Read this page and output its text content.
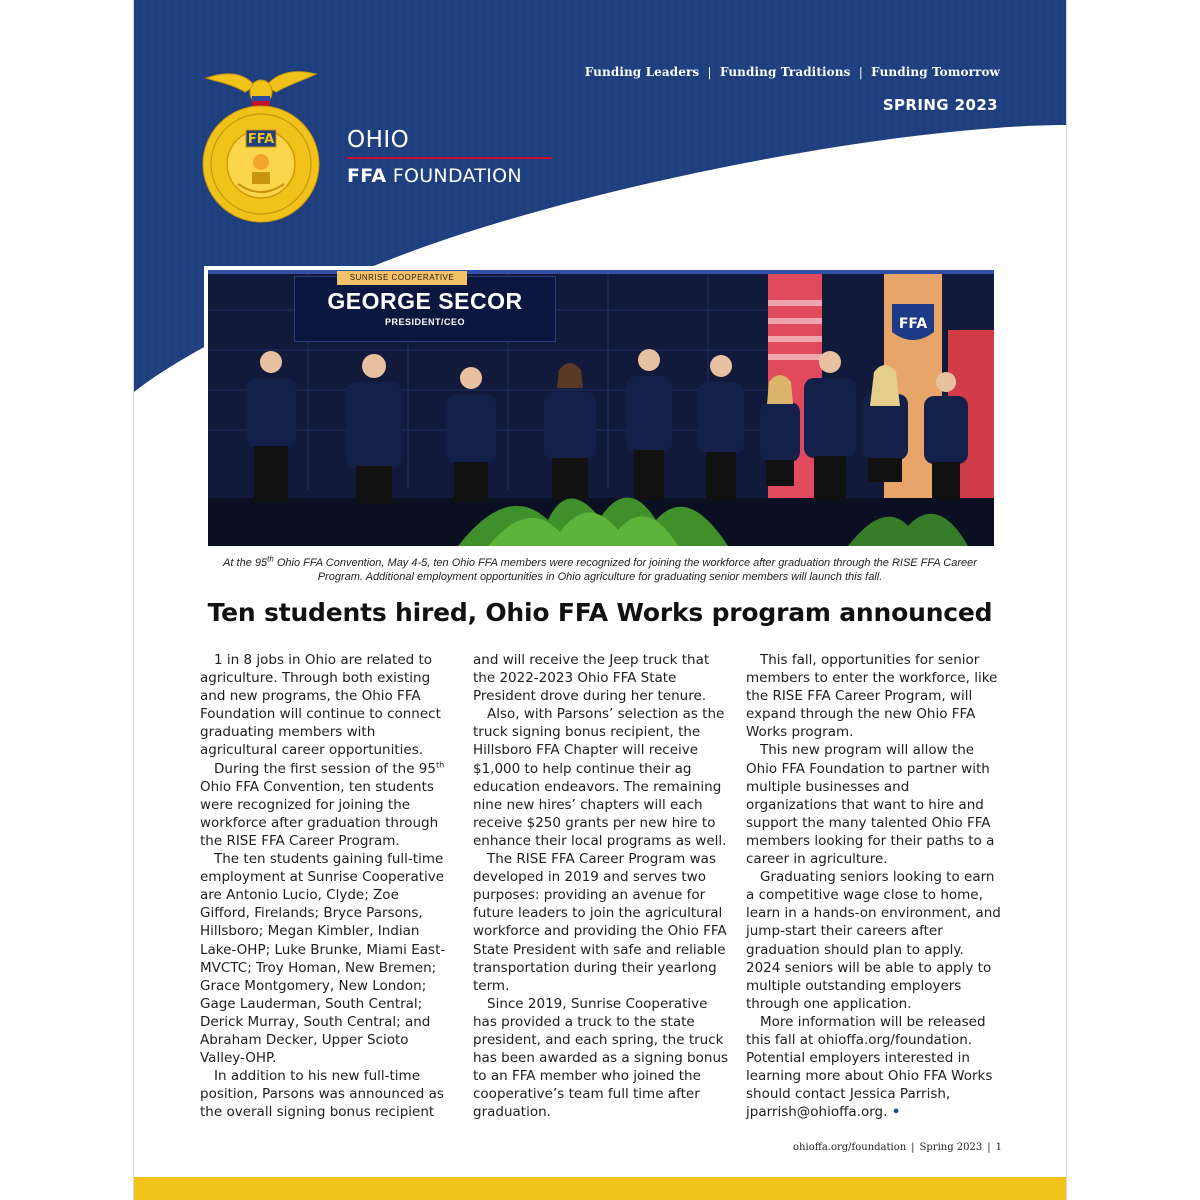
FFA	OHIO
FFA FOUNDATION
Funding Leaders | Funding Traditions | Funding Tomorrow
SPRING 2023
FFA
SUNRISE COOPERATIVE
GEORGE SECOR
PRESIDENT/CEO
At the 95th Ohio FFA Convention, May 4-5, ten Ohio FFA members were recognized for joining the workforce after graduation through the RISE FFA Career Program. Additional employment opportunities in Ohio agriculture for graduating senior members will launch this fall.
Ten students hired, Ohio FFA Works program announced

1 in 8 jobs in Ohio are related to agriculture. Through both existing and new programs, the Ohio FFA Foundation will continue to connect graduating members with agricultural career opportunities.

During the first session of the 95th Ohio FFA Convention, ten students were recognized for joining the workforce after graduation through the RISE FFA Career Program.

The ten students gaining full-time employment at Sunrise Cooperative are Antonio Lucio, Clyde; Zoe Gifford, Firelands; Bryce Parsons, Hillsboro; Megan Kimbler, Indian Lake-OHP; Luke Brunke, Miami East-MVCTC; Troy Homan, New Bremen; Grace Montgomery, New London; Gage Lauderman, South Central; Derick Murray, South Central; and Abraham Decker, Upper Scioto Valley-OHP.

In addition to his new full-time position, Parsons was announced as the overall signing bonus recipient

and will receive the Jeep truck that the 2022-2023 Ohio FFA State President drove during her tenure.

Also, with Parsons’ selection as the truck signing bonus recipient, the Hillsboro FFA Chapter will receive $1,000 to help continue their ag education endeavors. The remaining nine new hires’ chapters will each receive $250 grants per new hire to enhance their local programs as well.

The RISE FFA Career Program was developed in 2019 and serves two purposes: providing an avenue for future leaders to join the agricultural workforce and providing the Ohio FFA State President with safe and reliable transportation during their yearlong term.

Since 2019, Sunrise Cooperative has provided a truck to the state president, and each spring, the truck has been awarded as a signing bonus to an FFA member who joined the cooperative’s team full time after graduation.

This fall, opportunities for senior members to enter the workforce, like the RISE FFA Career Program, will expand through the new Ohio FFA Works program.

This new program will allow the Ohio FFA Foundation to partner with multiple businesses and organizations that want to hire and support the many talented Ohio FFA members looking for their paths to a career in agriculture.

Graduating seniors looking to earn a competitive wage close to home, learn in a hands-on environment, and jump-start their careers after graduation should plan to apply. 2024 seniors will be able to apply to multiple outstanding employers through one application.

More information will be released this fall at ohioffa.org/foundation. Potential employers interested in learning more about Ohio FFA Works should contact Jessica Parrish, jparrish@ohioffa.org. •

ohioffa.org/foundation | Spring 2023 | 1
